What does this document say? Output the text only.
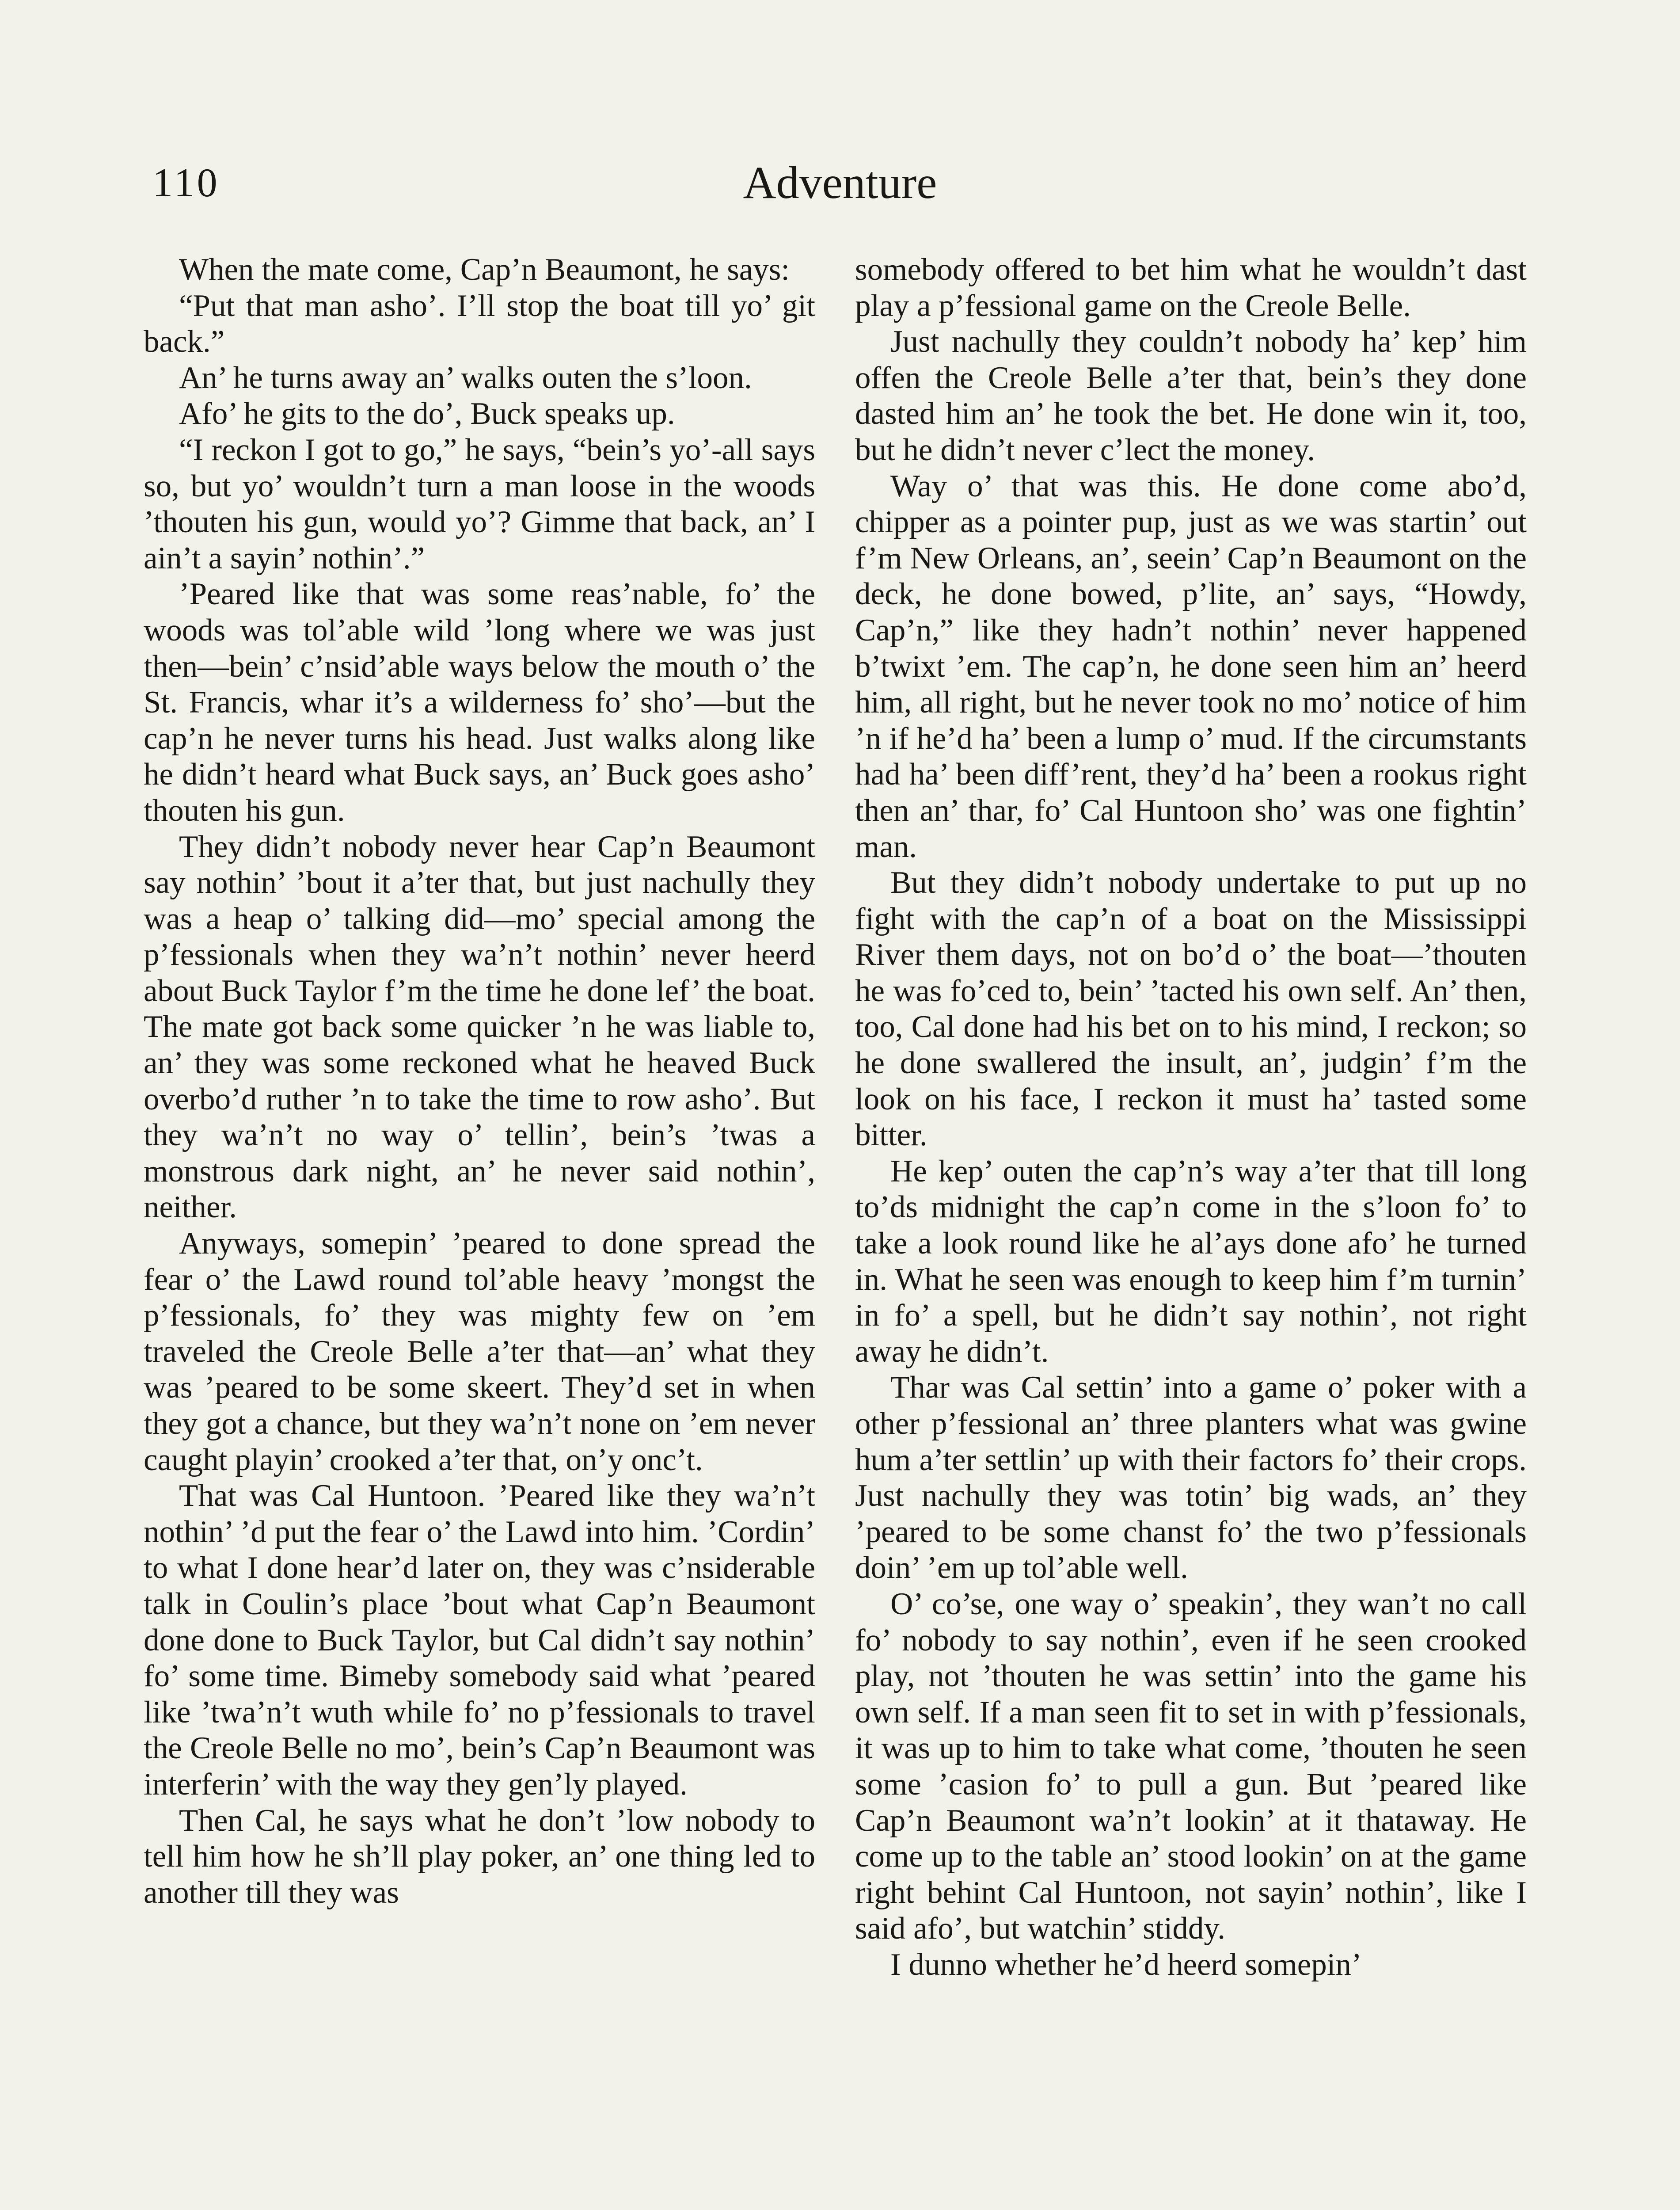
110	Adventure

When the mate come, Cap’n Beaumont, he says:

“Put that man asho’. I’ll stop the boat till yo’ git back.”

An’ he turns away an’ walks outen the s’loon.

Afo’ he gits to the do’, Buck speaks up.

“I reckon I got to go,” he says, “bein’s yo’-all says so, but yo’ wouldn’t turn a man loose in the woods ’thouten his gun, would yo’? Gimme that back, an’ I ain’t a sayin’ nothin’.”

’Peared like that was some reas’nable, fo’ the woods was tol’able wild ’long where we was just then—bein’ c’nsid’able ways below the mouth o’ the St. Francis, whar it’s a wilderness fo’ sho’—but the cap’n he never turns his head. Just walks along like he didn’t heard what Buck says, an’ Buck goes asho’ thouten his gun.

They didn’t nobody never hear Cap’n Beaumont say nothin’ ’bout it a’ter that, but just nachully they was a heap o’ talking did—mo’ special among the p’fessionals when they wa’n’t nothin’ never heerd about Buck Taylor f’m the time he done lef’ the boat. The mate got back some quicker ’n he was liable to, an’ they was some reckoned what he heaved Buck overbo’d ruther ’n to take the time to row asho’. But they wa’n’t no way o’ tellin’, bein’s ’twas a monstrous dark night, an’ he never said nothin’, neither.

Anyways, somepin’ ’peared to done spread the fear o’ the Lawd round tol’able heavy ’mongst the p’fessionals, fo’ they was mighty few on ’em traveled the Creole Belle a’ter that—an’ what they was ’peared to be some skeert. They’d set in when they got a chance, but they wa’n’t none on ’em never caught playin’ crooked a’ter that, on’y onc’t.

That was Cal Huntoon. ’Peared like they wa’n’t nothin’ ’d put the fear o’ the Lawd into him. ’Cordin’ to what I done hear’d later on, they was c’nsiderable talk in Coulin’s place ’bout what Cap’n Beaumont done done to Buck Taylor, but Cal didn’t say nothin’ fo’ some time. Bimeby somebody said what ’peared like ’twa’n’t wuth while fo’ no p’fessionals to travel the Creole Belle no mo’, bein’s Cap’n Beaumont was interferin’ with the way they gen’ly played.

Then Cal, he says what he don’t ’low nobody to tell him how he sh’ll play poker, an’ one thing led to another till they was

somebody offered to bet him what he wouldn’t dast play a p’fessional game on the Creole Belle.

Just nachully they couldn’t nobody ha’ kep’ him offen the Creole Belle a’ter that, bein’s they done dasted him an’ he took the bet. He done win it, too, but he didn’t never c’lect the money.

Way o’ that was this. He done come abo’d, chipper as a pointer pup, just as we was startin’ out f’m New Orleans, an’, seein’ Cap’n Beaumont on the deck, he done bowed, p’lite, an’ says, “Howdy, Cap’n,” like they hadn’t nothin’ never happened b’twixt ’em. The cap’n, he done seen him an’ heerd him, all right, but he never took no mo’ notice of him ’n if he’d ha’ been a lump o’ mud. If the circumstants had ha’ been diff’rent, they’d ha’ been a rookus right then an’ thar, fo’ Cal Huntoon sho’ was one fightin’ man.

But they didn’t nobody undertake to put up no fight with the cap’n of a boat on the Mississippi River them days, not on bo’d o’ the boat—’thouten he was fo’ced to, bein’ ’tacted his own self. An’ then, too, Cal done had his bet on to his mind, I reckon; so he done swallered the insult, an’, judgin’ f’m the look on his face, I reckon it must ha’ tasted some bitter.

He kep’ outen the cap’n’s way a’ter that till long to’ds midnight the cap’n come in the s’loon fo’ to take a look round like he al’ays done afo’ he turned in. What he seen was enough to keep him f’m turnin’ in fo’ a spell, but he didn’t say nothin’, not right away he didn’t.

Thar was Cal settin’ into a game o’ poker with a other p’fessional an’ three planters what was gwine hum a’ter settlin’ up with their factors fo’ their crops. Just nachully they was totin’ big wads, an’ they ’peared to be some chanst fo’ the two p’fessionals doin’ ’em up tol’able well.

O’ co’se, one way o’ speakin’, they wan’t no call fo’ nobody to say nothin’, even if he seen crooked play, not ’thouten he was settin’ into the game his own self. If a man seen fit to set in with p’fessionals, it was up to him to take what come, ’thouten he seen some ’casion fo’ to pull a gun. But ’peared like Cap’n Beaumont wa’n’t lookin’ at it thataway. He come up to the table an’ stood lookin’ on at the game right behint Cal Huntoon, not sayin’ nothin’, like I said afo’, but watchin’ stiddy.

I dunno whether he’d heerd somepin’
